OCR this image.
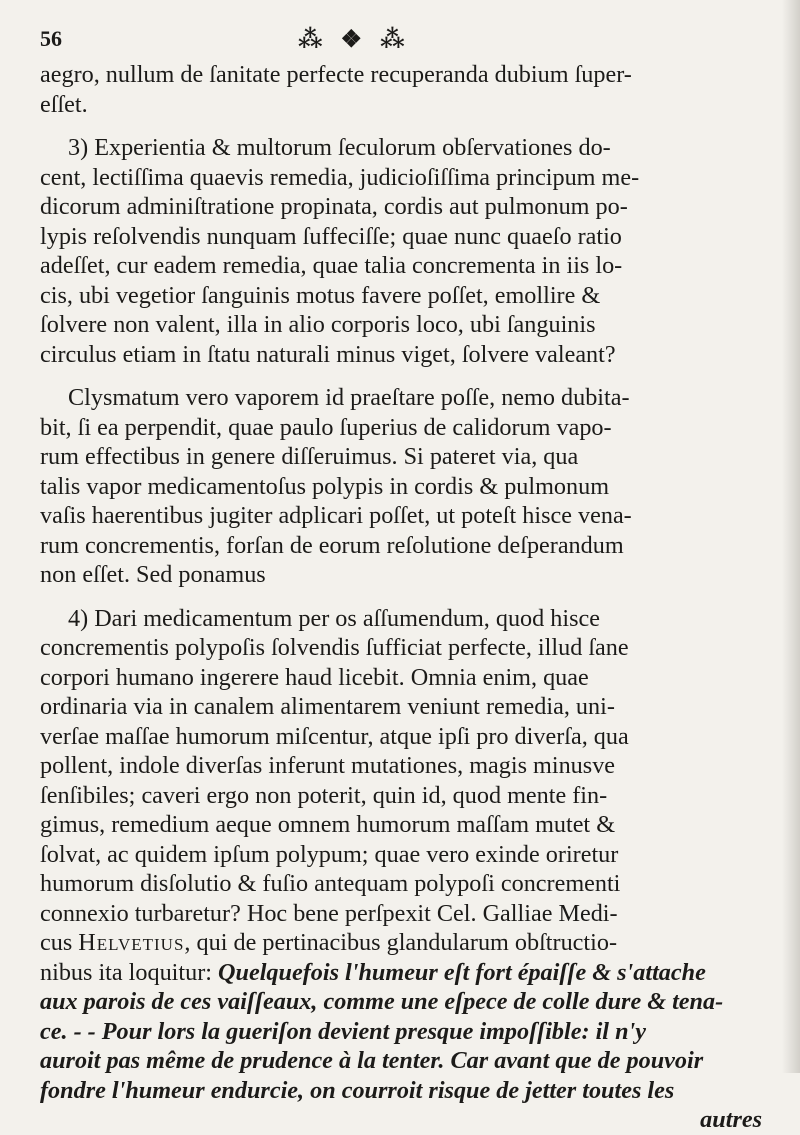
56	⁂ ❖ ⁂

aegro, nullum de ſanitate perfecte recuperanda dubium ſuper-
eſſet.

3) Experientia & multorum ſeculorum obſervationes do-
cent, lectiſſima quaevis remedia, judicioſiſſima principum me-
dicorum adminiſtratione propinata, cordis aut pulmonum po-
lypis reſolvendis nunquam ſuffeciſſe; quae nunc quaeſo ratio
adeſſet, cur eadem remedia, quae talia concrementa in iis lo-
cis, ubi vegetior ſanguinis motus favere poſſet, emollire &
ſolvere non valent, illa in alio corporis loco, ubi ſanguinis
circulus etiam in ſtatu naturali minus viget, ſolvere valeant?

Clysmatum vero vaporem id praeſtare poſſe, nemo dubita-
bit, ſi ea perpendit, quae paulo ſuperius de calidorum vapo-
rum effectibus in genere diſſeruimus. Si pateret via, qua
talis vapor medicamentoſus polypis in cordis & pulmonum
vaſis haerentibus jugiter adplicari poſſet, ut poteſt hisce vena-
rum concrementis, forſan de eorum reſolutione deſperandum
non eſſet. Sed ponamus

4) Dari medicamentum per os aſſumendum, quod hisce
concrementis polypoſis ſolvendis ſufficiat perfecte, illud ſane
corpori humano ingerere haud licebit. Omnia enim, quae
ordinaria via in canalem alimentarem veniunt remedia, uni-
verſae maſſae humorum miſcentur, atque ipſi pro diverſa, qua
pollent, indole diverſas inferunt mutationes, magis minusve
ſenſibiles; caveri ergo non poterit, quin id, quod mente fin-
gimus, remedium aeque omnem humorum maſſam mutet &
ſolvat, ac quidem ipſum polypum; quae vero exinde oriretur
humorum disſolutio & fuſio antequam polypoſi concrementi
connexio turbaretur? Hoc bene perſpexit Cel. Galliae Medi-
cus Helvetius, qui de pertinacibus glandularum obſtructio-
nibus ita loquitur: Quelquefois l'humeur eſt fort épaiſſe & s'attache
aux parois de ces vaiſſeaux, comme une eſpece de colle dure & tena-
ce. - - Pour lors la gueriſon devient presque impoſſible: il n'y
auroit pas même de prudence à la tenter. Car avant que de pouvoir
fondre l'humeur endurcie, on courroit risque de jetter toutes les
autres
